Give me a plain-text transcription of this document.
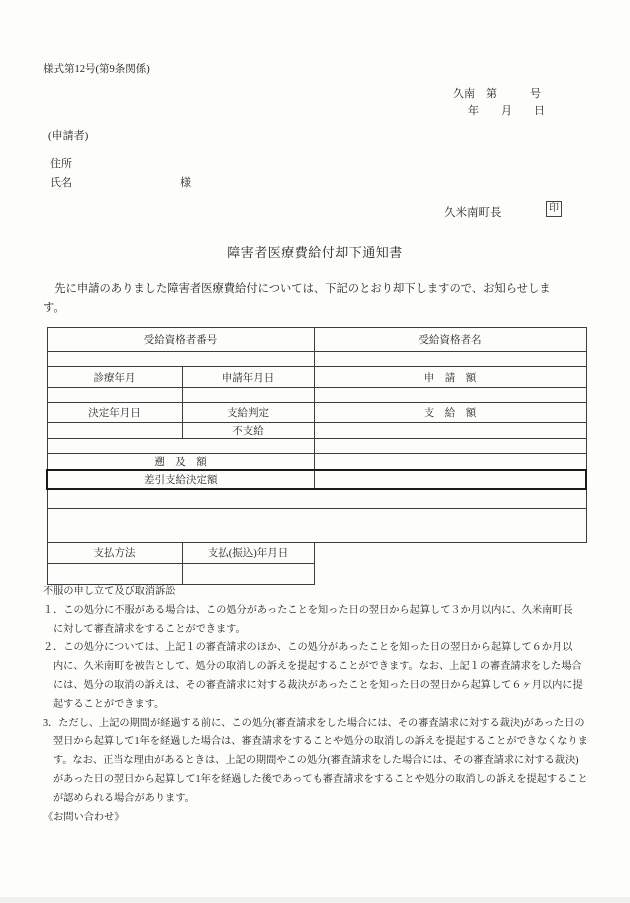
様式第12号(第9条関係)
久南　第　　　号
年　　月　　日
(申請者)
住所
氏名	様
久米南町長	印
障害者医療費給付却下通知書
　先に申請のありました障害者医療費給付については、下記のとおり却下しますので、お知らせしま
す。
受給資格者番号		受給資格者名

診療年月	申請年月日	申　請　額

決定年月日	支給判定	支　給　額
	不支給	

遡　及　額		
差引支給決定額		

支払方法	支払(振込)年月日	

不服の申し立て及び取消訴訟
１．この処分に不服がある場合は、この処分があったことを知った日の翌日から起算して３か月以内に、久米南町長
に対して審査請求をすることができます。
２．この処分については、上記１の審査請求のほか、この処分があったことを知った日の翌日から起算して６か月以
内に、久米南町を被告として、処分の取消しの訴えを提起することができます。なお、上記１の審査請求をした場合
には、処分の取消の訴えは、その審査請求に対する裁決があったことを知った日の翌日から起算して６ヶ月以内に提
起することができます。
3．ただし、上記の期間が経過する前に、この処分(審査請求をした場合には、その審査請求に対する裁決)があった日の
翌日から起算して1年を経過した場合は、審査請求をすることや処分の取消しの訴えを提起することができなくなりま
す。なお、正当な理由があるときは、上記の期間やこの処分(審査請求をした場合には、その審査請求に対する裁決)
があった日の翌日から起算して1年を経過した後であっても審査請求をすることや処分の取消しの訴えを提起すること
が認められる場合があります。
《お問い合わせ》
